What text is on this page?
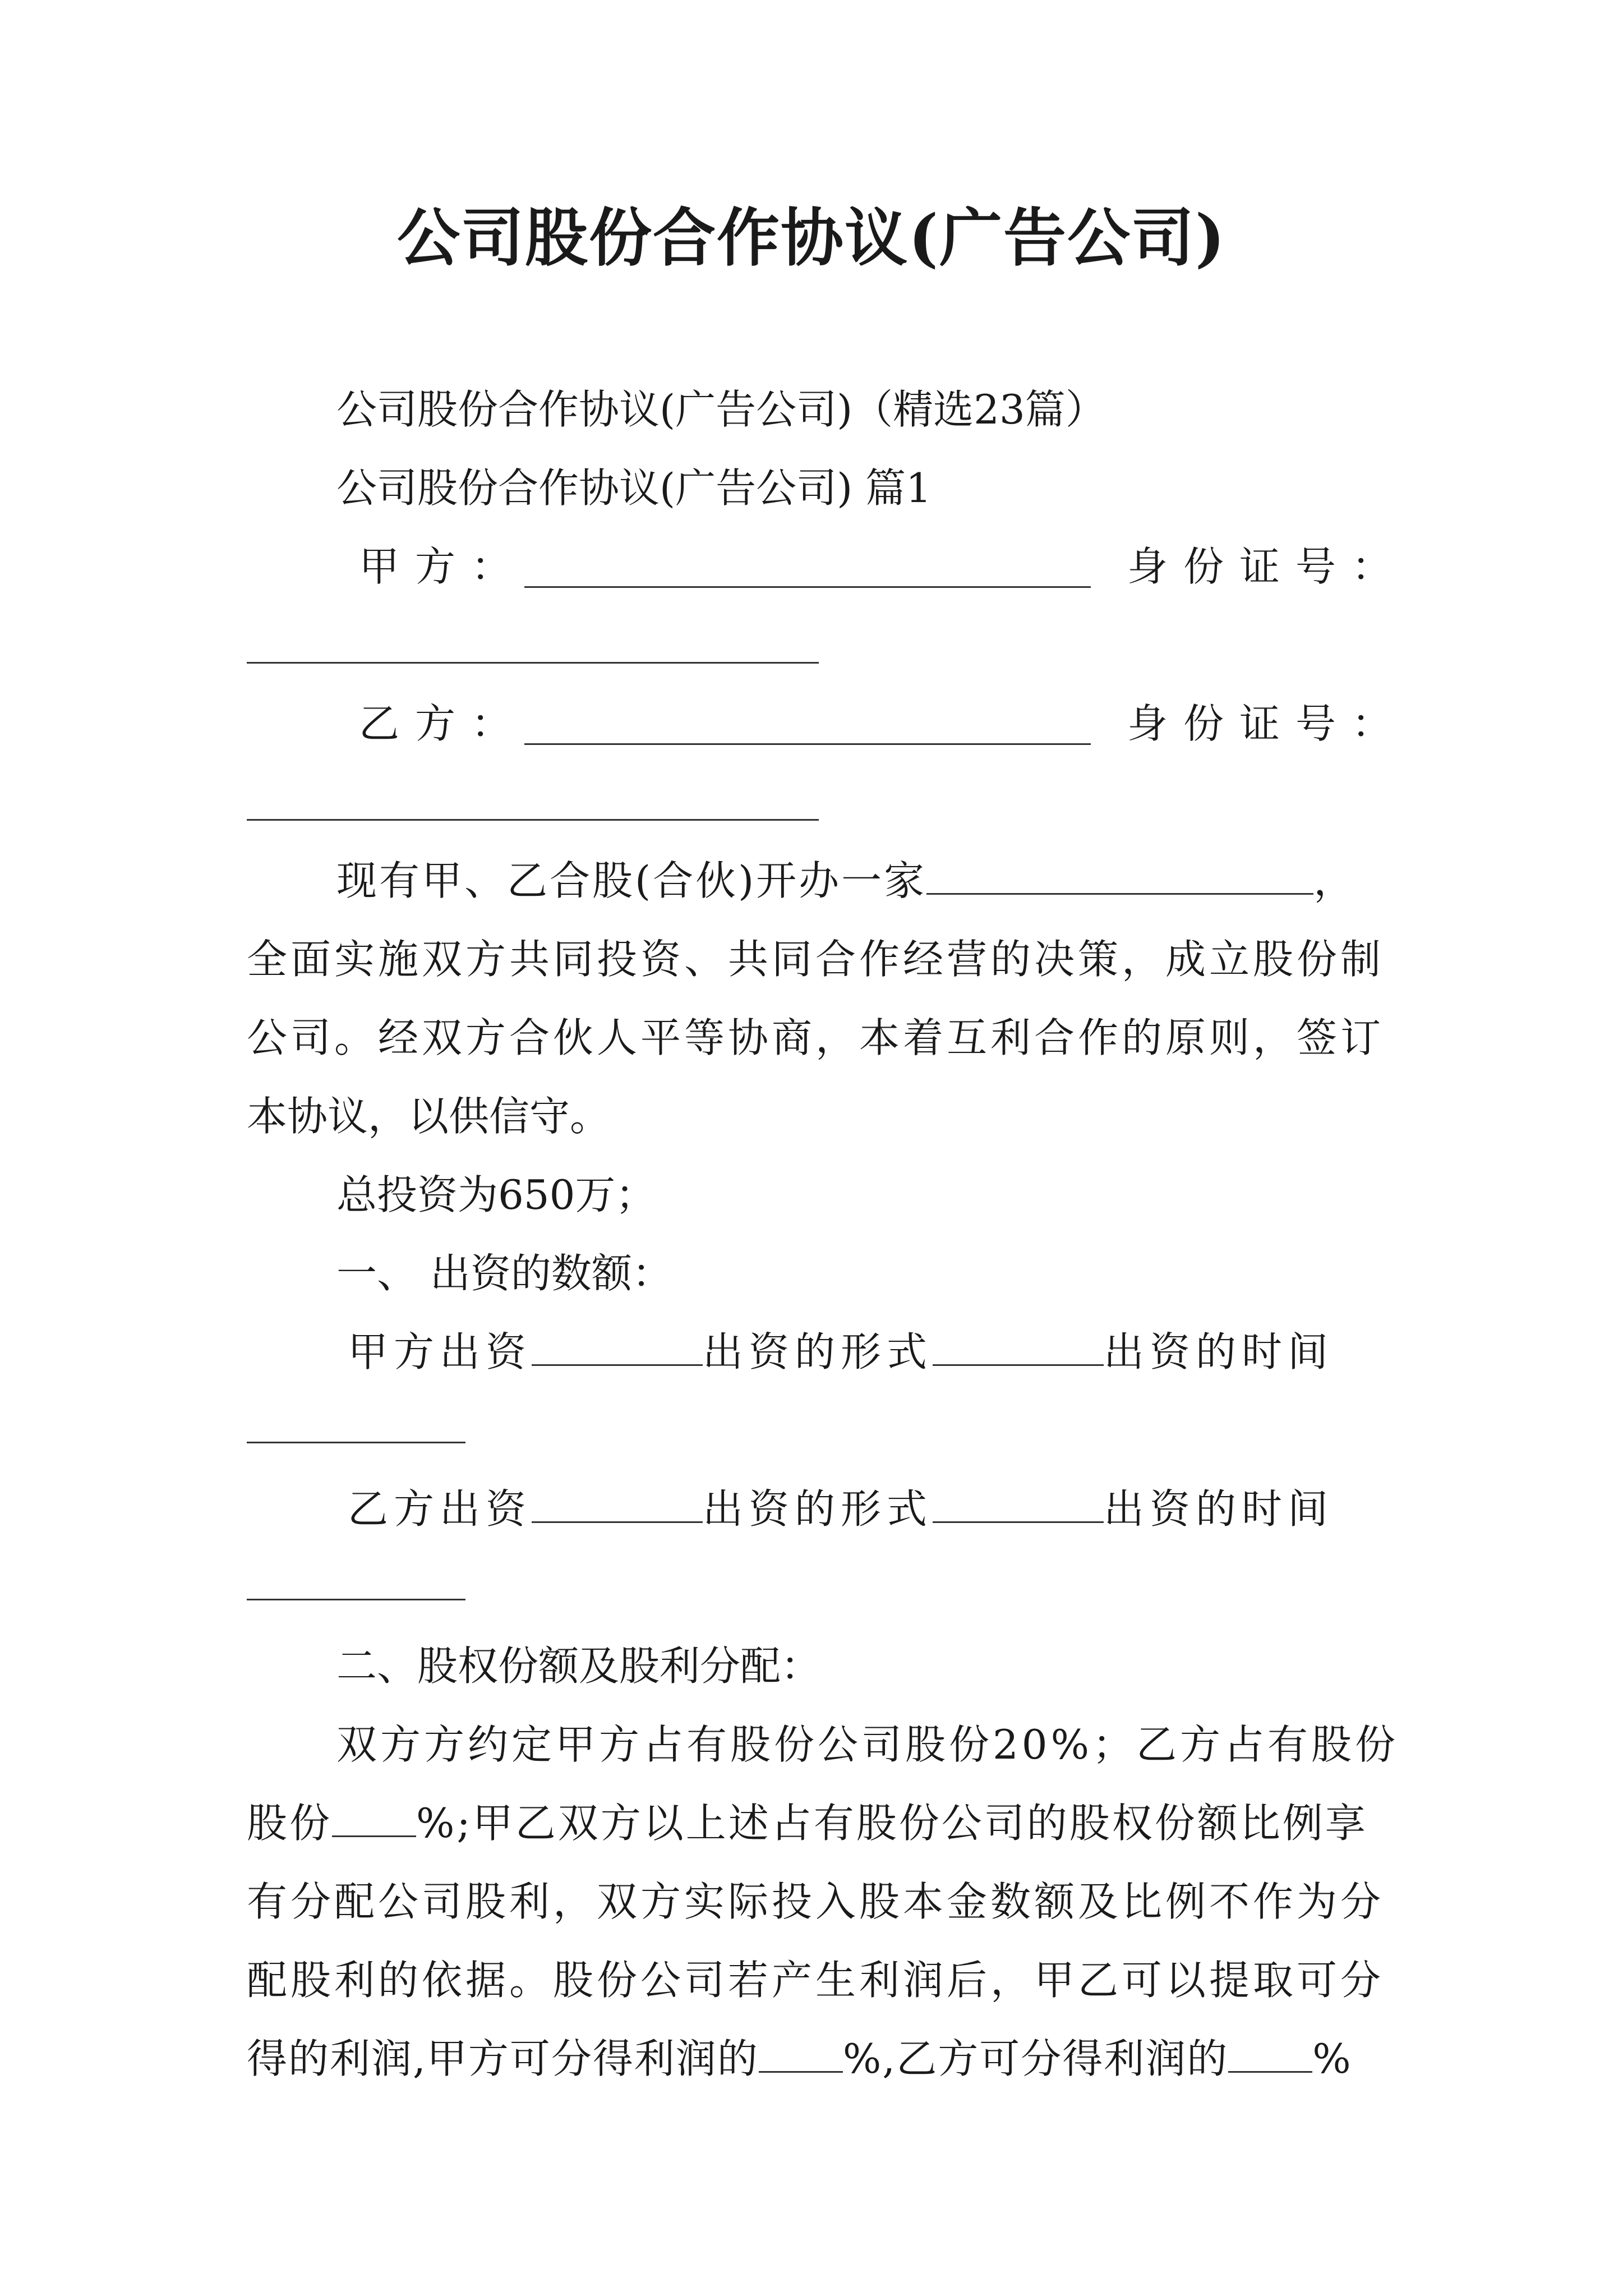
公司股份合作协议(广告公司)
公司股份合作协议(广告公司)（精选23篇）
公司股份合作协议(广告公司) 篇1
甲方：	身份证号：
乙方：	身份证号：
现有甲、乙合股(合伙)开办一家	，
全面实施双方共同投资、共同合作经营的决策，成立股份制
公司。经双方合伙人平等协商，本着互利合作的原则，签订
本协议，以供信守。
总投资为650万；
一、 出资的数额：
甲方出资	出资的形式	出资的时间
乙方出资	出资的形式	出资的时间
二、股权份额及股利分配：
双方方约定甲方占有股份公司股份20%；乙方占有股份
股份 %;甲乙双方以上述占有股份公司的股权份额比例享
有分配公司股利，双方实际投入股本金数额及比例不作为分
配股利的依据。股份公司若产生利润后，甲乙可以提取可分
得的利润,甲方可分得利润的 %,乙方可分得利润的 %
